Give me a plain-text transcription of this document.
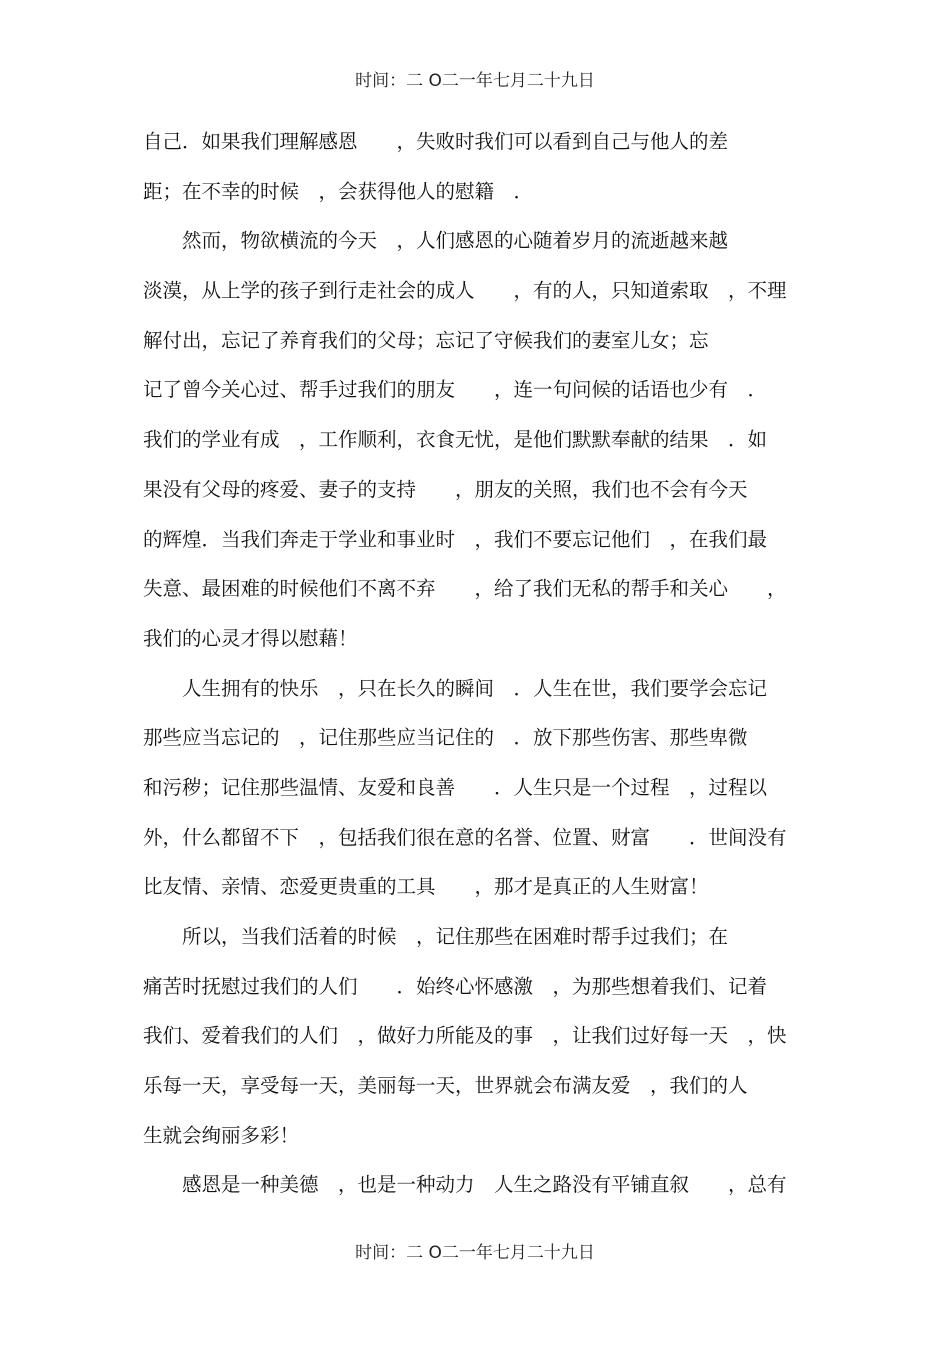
时间：二 O二一年七月二十九日
自己．如果我们理解感恩　　，失败时我们可以看到自己与他人的差
距；在不幸的时候　，会获得他人的慰籍　．
　　然而，物欲横流的今天　，人们感恩的心随着岁月的流逝越来越
淡漠，从上学的孩子到行走社会的成人　　，有的人，只知道索取　，不理
解付出，忘记了养育我们的父母；忘记了守候我们的妻室儿女；忘
记了曾今关心过、帮手过我们的朋友　　，连一句问候的话语也少有　．
我们的学业有成　，工作顺利，衣食无忧，是他们默默奉献的结果　．如
果没有父母的疼爱、妻子的支持　　，朋友的关照，我们也不会有今天
的辉煌．当我们奔走于学业和事业时　，我们不要忘记他们　，在我们最
失意、最困难的时候他们不离不弃　　，给了我们无私的帮手和关心　　，
我们的心灵才得以慰藉！
　　人生拥有的快乐　，只在长久的瞬间　．人生在世，我们要学会忘记
那些应当忘记的　，记住那些应当记住的　．放下那些伤害、那些卑微
和污秽；记住那些温情、友爱和良善　　．人生只是一个过程　，过程以
外，什么都留不下　，包括我们很在意的名誉、位置、财富　　．世间没有
比友情、亲情、恋爱更贵重的工具　　，那才是真正的人生财富！
　　所以，当我们活着的时候　，记住那些在困难时帮手过我们；在
痛苦时抚慰过我们的人们　　．始终心怀感激　，为那些想着我们、记着
我们、爱着我们的人们　，做好力所能及的事　，让我们过好每一天　，快
乐每一天，享受每一天，美丽每一天，世界就会布满友爱　，我们的人
生就会绚丽多彩！
　　感恩是一种美德　，也是一种动力　人生之路没有平铺直叙　　，总有
时间：二 O二一年七月二十九日
